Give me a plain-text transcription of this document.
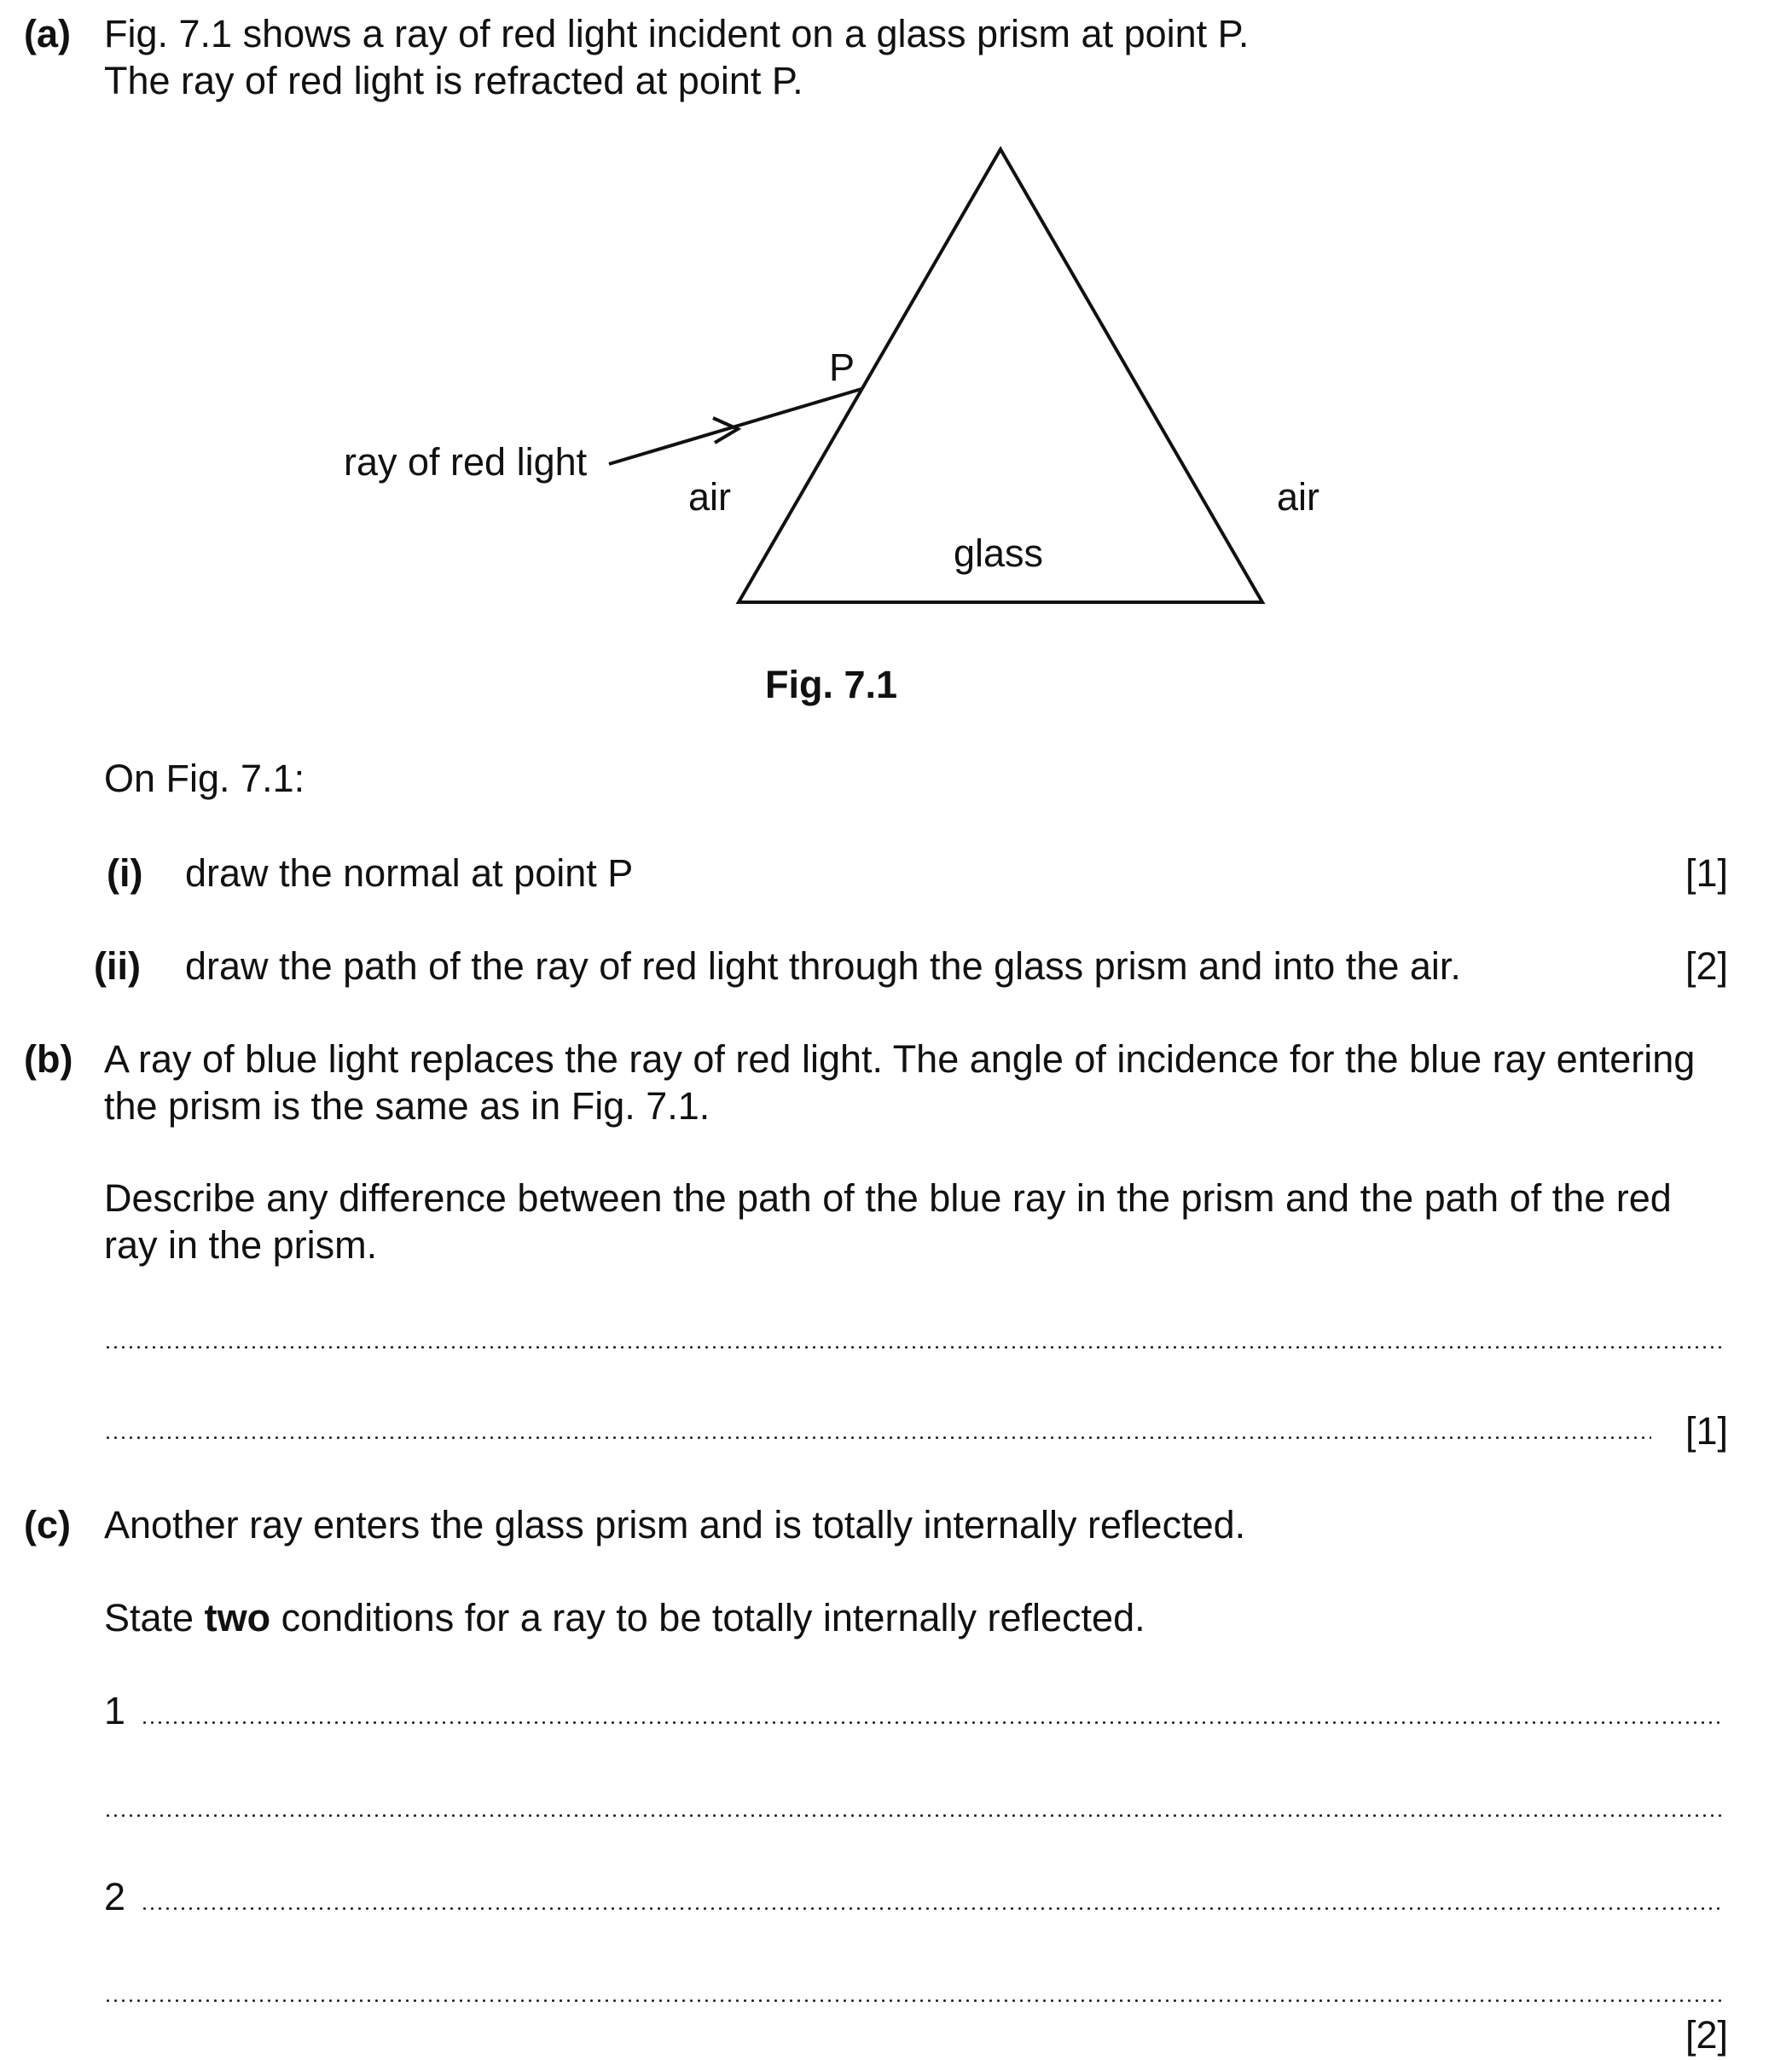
(a) Fig. 7.1 shows a ray of red light incident on a glass prism at point P.
The ray of red light is refracted at point P.
P
ray of red light
air	air
glass
Fig. 7.1
On Fig. 7.1:
(i) draw the normal at point P	[1]
(ii) draw the path of the ray of red light through the glass prism and into the air.	[2]
(b) A ray of blue light replaces the ray of red light. The angle of incidence for the blue ray entering
the prism is the same as in Fig. 7.1.
Describe any difference between the path of the blue ray in the prism and the path of the red
ray in the prism.
[1]
(c) Another ray enters the glass prism and is totally internally reflected.
State two conditions for a ray to be totally internally reflected.
1
2
[2]
